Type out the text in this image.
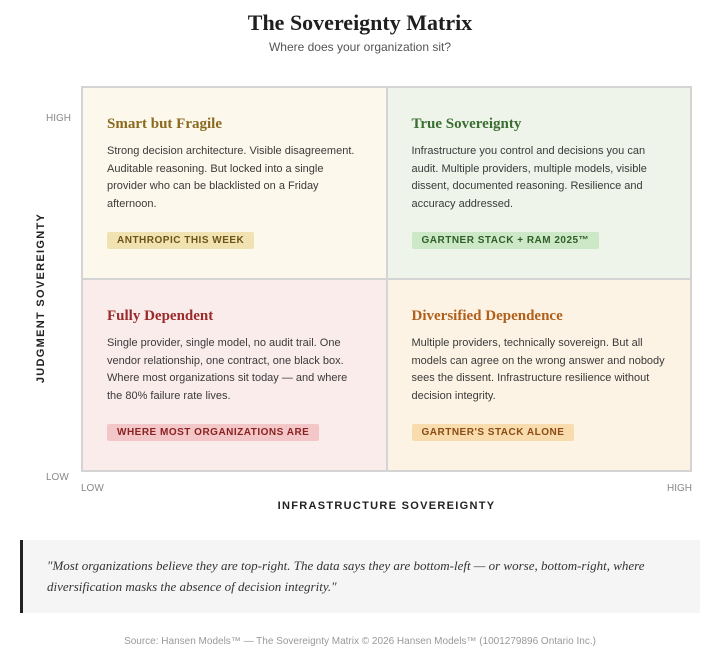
The Sovereignty Matrix
Where does your organization sit?
HIGH
LOW
JUDGMENT SOVEREIGNTY
Smart but Fragile

Strong decision architecture. Visible disagreement. Auditable reasoning. But locked into a single provider who can be blacklisted on a Friday afternoon.

ANTHROPIC THIS WEEK
True Sovereignty

Infrastructure you control and decisions you can audit. Multiple providers, multiple models, visible dissent, documented reasoning. Resilience and accuracy addressed.

GARTNER STACK + RAM 2025™
Fully Dependent

Single provider, single model, no audit trail. One vendor relationship, one contract, one black box. Where most organizations sit today — and where the 80% failure rate lives.

WHERE MOST ORGANIZATIONS ARE
Diversified Dependence

Multiple providers, technically sovereign. But all models can agree on the wrong answer and nobody sees the dissent. Infrastructure resilience without decision integrity.

GARTNER'S STACK ALONE
LOW	HIGH
INFRASTRUCTURE SOVEREIGNTY
"Most organizations believe they are top-right. The data says they are bottom-left — or worse, bottom-right, where diversification masks the absence of decision integrity."
Source: Hansen Models™ — The Sovereignty Matrix © 2026 Hansen Models™ (1001279896 Ontario Inc.)
